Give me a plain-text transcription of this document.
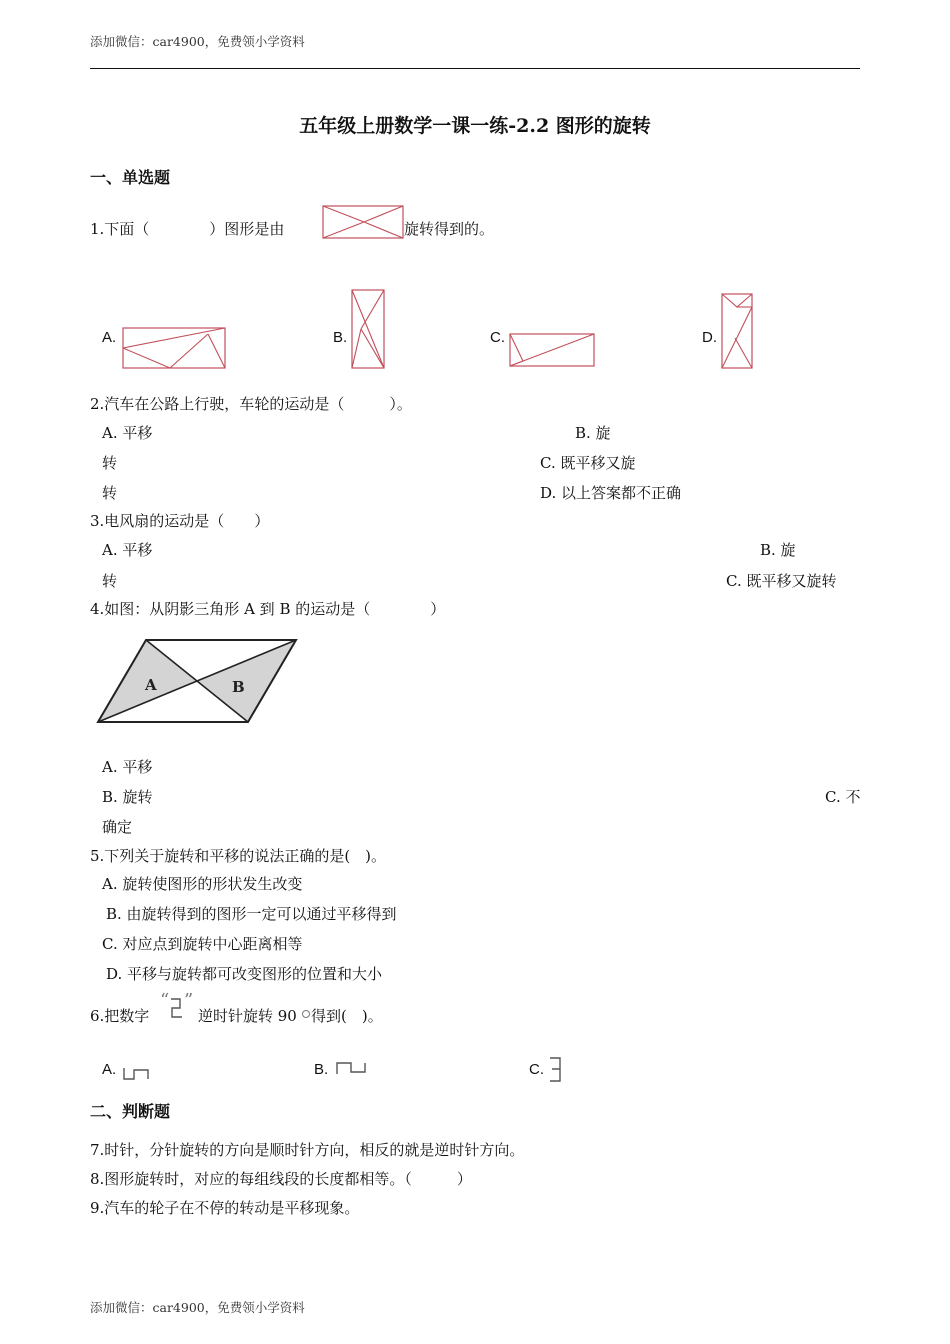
添加微信：car4900，免费领小学资料
添加微信：car4900，免费领小学资料
五年级上册数学一课一练-2.2 图形的旋转
一、单选题
1.下面（　　　　）图形是由	旋转得到的。
A.	B.	C.	D.
2.汽车在公路上行驶，车轮的运动是（　　　）。
A. 平移	B. 旋
转	C. 既平移又旋
转	D. 以上答案都不正确
3.电风扇的运动是（　　）
A. 平移	B. 旋
转	C. 既平移又旋转
4.如图：从阴影三角形 A 到 B 的运动是（　　　　）
A	B
A. 平移
B. 旋转	C. 不
确定
5.下列关于旋转和平移的说法正确的是(　)。
A. 旋转使图形的形状发生改变
B. 由旋转得到的图形一定可以通过平移得到
C. 对应点到旋转中心距离相等
D. 平移与旋转都可改变图形的位置和大小
6.把数字
“ ”
逆时针旋转 90 得到(　)。
A.	B.	C.
二、判断题
7.时针，分针旋转的方向是顺时针方向，相反的就是逆时针方向。
8.图形旋转时，对应的每组线段的长度都相等。（　　　）
9.汽车的轮子在不停的转动是平移现象。
